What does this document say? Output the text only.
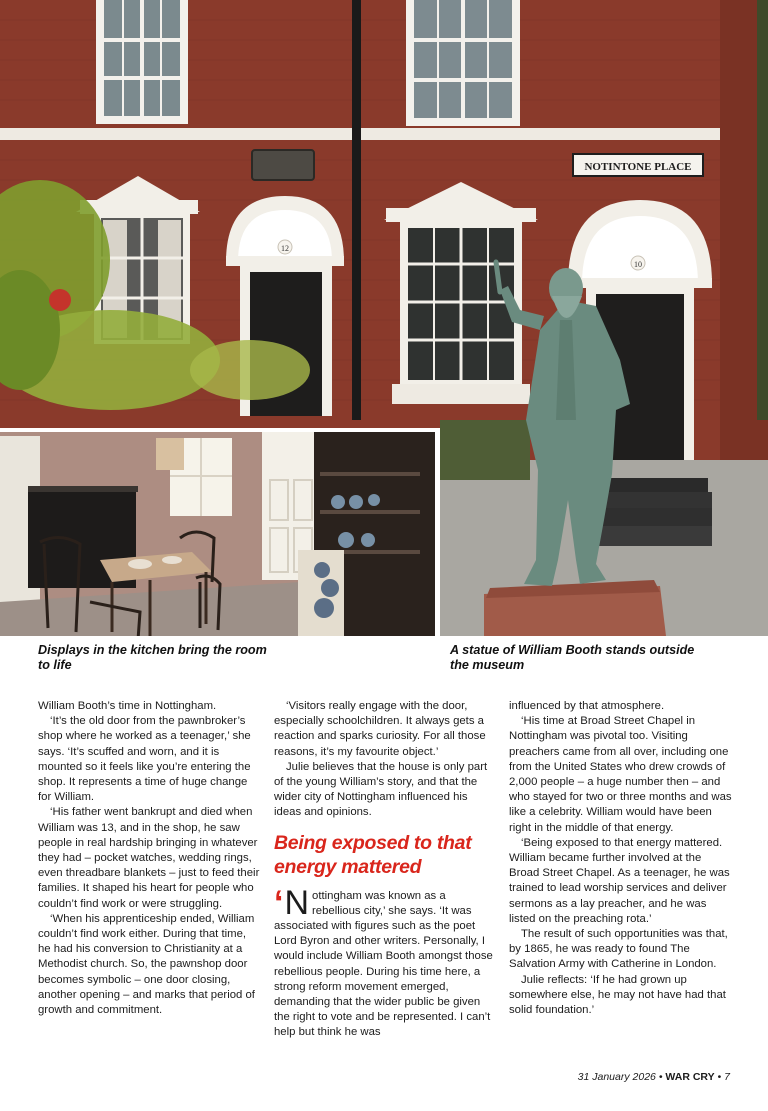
NOTINTONE PLACE
12
10
Displays in the kitchen bring the room to life
A statue of William Booth stands outside the museum

William Booth’s time in Nottingham.

‘It’s the old door from the pawnbroker’s shop where he worked as a teenager,’ she says. ‘It’s scuffed and worn, and it is mounted so it feels like you’re entering the shop. It represents a time of huge change for William.

‘His father went bankrupt and died when William was 13, and in the shop, he saw people in real hardship bringing in whatever they had – pocket watches, wedding rings, even threadbare blankets – just to feed their families. It shaped his heart for people who couldn’t find work or were struggling.

‘When his apprenticeship ended, William couldn’t find work either. During that time, he had his conversion to Christianity at a Methodist church. So, the pawnshop door becomes symbolic – one door closing, another opening – and marks that period of growth and commitment.

‘Visitors really engage with the door, especially schoolchildren. It always gets a reaction and sparks curiosity. For all those reasons, it’s my favourite object.’

Julie believes that the house is only part of the young William’s story, and that the wider city of Nottingham influenced his ideas and opinions.

Being exposed to that energy mattered

‘ N ottingham was known as a rebellious city,’ she says. ‘It was associated with figures such as the poet Lord Byron and other writers. Personally, I would include William Booth amongst those rebellious people. During his time here, a strong reform movement emerged, demanding that the wider public be given the right to vote and be represented. I can’t help but think he was

influenced by that atmosphere.

‘His time at Broad Street Chapel in Nottingham was pivotal too. Visiting preachers came from all over, including one from the United States who drew crowds of 2,000 people – a huge number then – and who stayed for two or three months and was like a celebrity. William would have been right in the middle of that energy.

‘Being exposed to that energy mattered. William became further involved at the Broad Street Chapel. As a teenager, he was trained to lead worship services and deliver sermons as a lay preacher, and he was listed on the preaching rota.’

The result of such opportunities was that, by 1865, he was ready to found The Salvation Army with Catherine in London.

Julie reflects: ‘If he had grown up somewhere else, he may not have had that solid foundation.’

31 January 2026 • WAR CRY • 7
